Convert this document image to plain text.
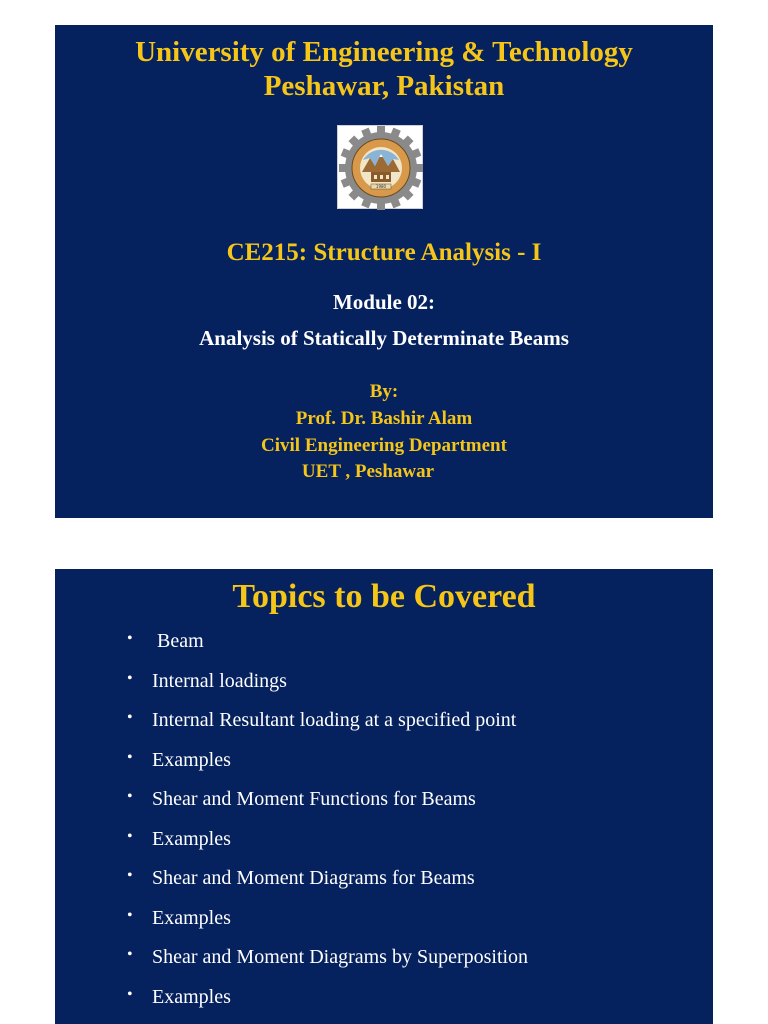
University of Engineering & Technology
Peshawar, Pakistan
1980
CE215: Structure Analysis - I
Module 02:
Analysis of Statically Determinate Beams
By:
Prof. Dr. Bashir Alam
Civil Engineering Department
UET , Peshawar
Topics to be Covered
• Beam
• Internal loadings
• Internal Resultant loading at a specified point
• Examples
• Shear and Moment Functions for Beams
• Examples
• Shear and Moment Diagrams for Beams
• Examples
• Shear and Moment Diagrams by Superposition
• Examples
